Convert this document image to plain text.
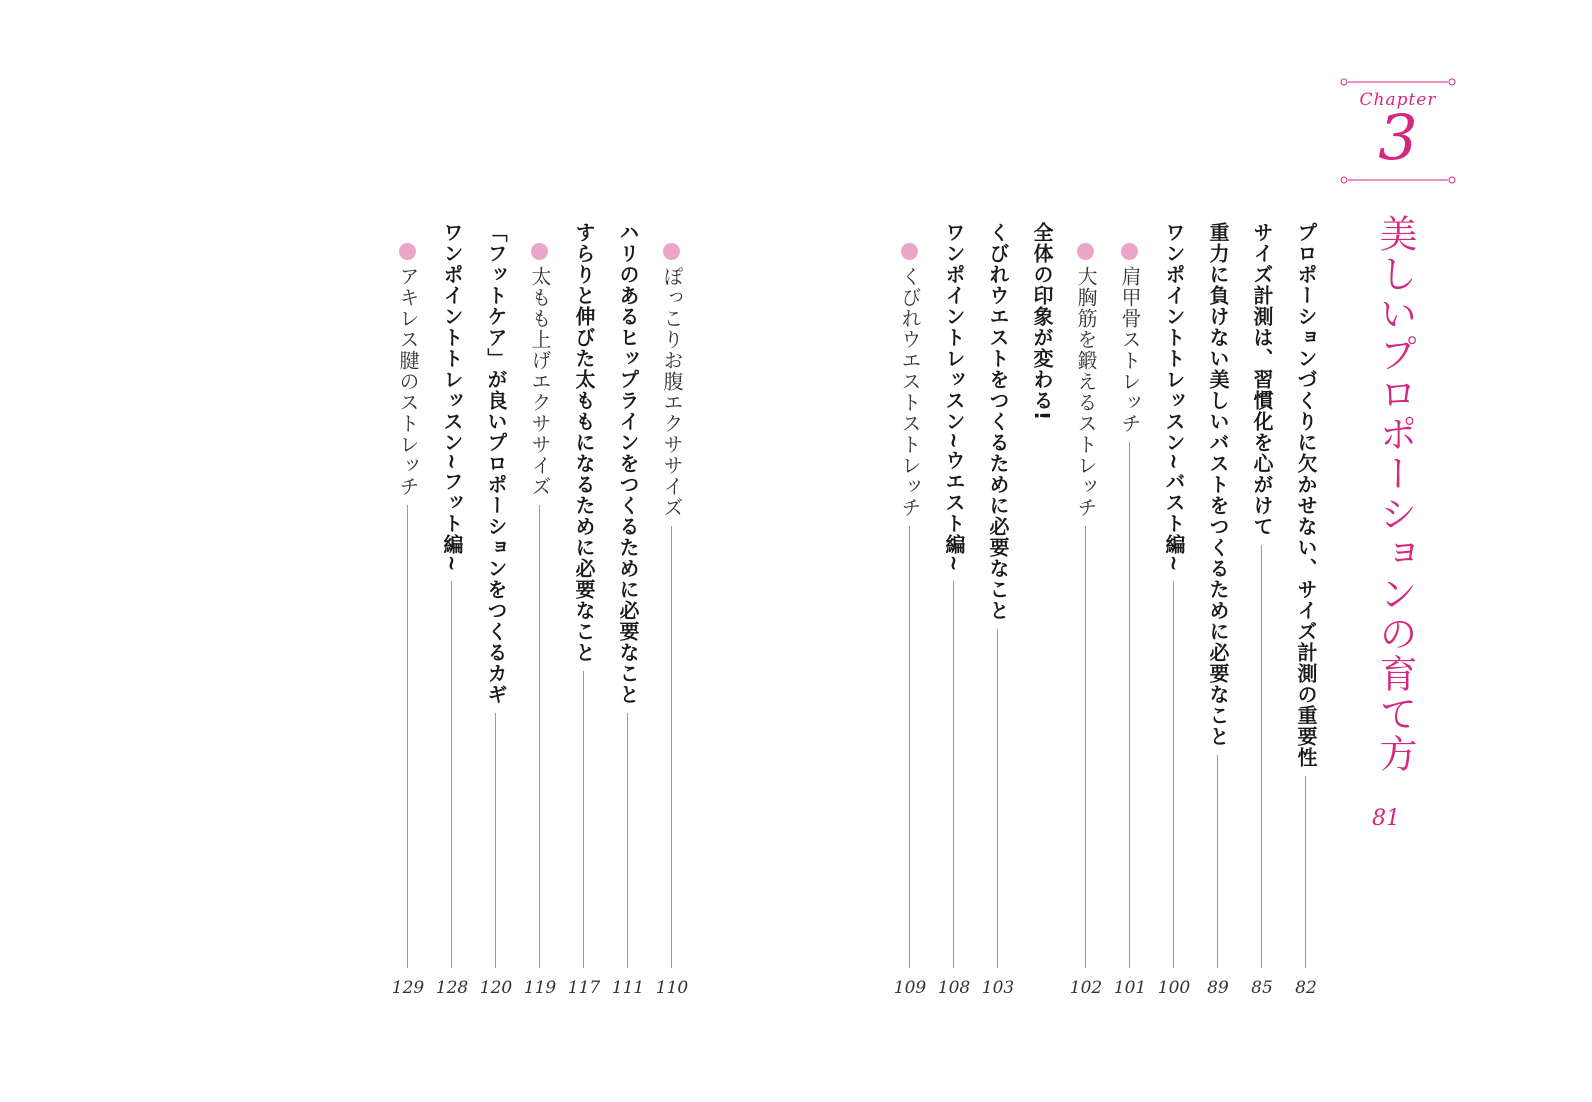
Chapter
3
美しいプロポーションの育て方
81
プロポーションづくりに欠かせない、サイズ計測の重要性
82
サイズ計測は、習慣化を心がけて
85
重力に負けない美しいバストをつくるために必要なこと
89
ワンポイントトレッスン~バスト編~
100
肩甲骨ストレッチ
101
大胸筋を鍛えるストレッチ
102
全体の印象が変わる!
くびれウエストをつくるために必要なこと
103
ワンポイントレッスン~ウエスト編~
108
くびれウエストストレッチ
109
ぽっこりお腹エクササイズ
110
ハリのあるヒップラインをつくるために必要なこと
111
すらりと伸びた太ももになるために必要なこと
117
太もも上げエクササイズ
119
「フットケア」が良いプロポーションをつくるカギ
120
ワンポイントトレッスン~フット編~
128
アキレス腱のストレッチ
129
